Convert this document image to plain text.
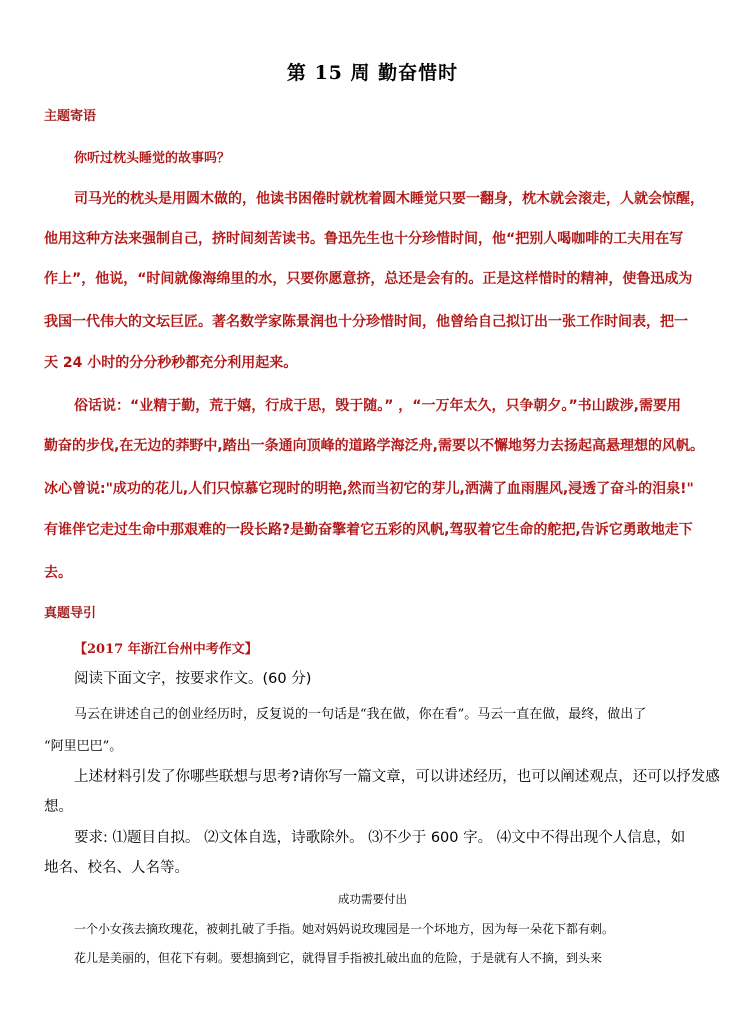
第 15 周 勤奋惜时
主题寄语
你听过枕头睡觉的故事吗？
司马光的枕头是用圆木做的，他读书困倦时就枕着圆木睡觉只要一翻身，枕木就会滚走，人就会惊醒，
他用这种方法来强制自己，挤时间刻苦读书。鲁迅先生也十分珍惜时间，他“把别人喝咖啡的工夫用在写
作上”，他说，“时间就像海绵里的水，只要你愿意挤，总还是会有的。正是这样惜时的精神，使鲁迅成为
我国一代伟大的文坛巨匠。著名数学家陈景润也十分珍惜时间，他曾给自己拟订出一张工作时间表，把一
天 24 小时的分分秒秒都充分利用起来。
俗话说：“业精于勤，荒于嬉，行成于思，毁于随。” ，“一万年太久，只争朝夕。”书山跋涉,需要用
勤奋的步伐,在无边的莽野中,踏出一条通向顶峰的道路学海泛舟,需要以不懈地努力去扬起高悬理想的风帆。
冰心曾说:"成功的花儿,人们只惊慕它现时的明艳,然而当初它的芽儿,洒满了血雨腥风,浸透了奋斗的泪泉!"
有谁伴它走过生命中那艰难的一段长路?是勤奋擎着它五彩的风帆,驾驭着它生命的舵把,告诉它勇敢地走下
去。
真题导引
【2017 年浙江台州中考作文】
阅读下面文字，按要求作文。(60 分)
马云在讲述自己的创业经历时，反复说的一句话是“我在做，你在看”。马云一直在做，最终，做出了
“阿里巴巴”。
上述材料引发了你哪些联想与思考?请你写一篇文章，可以讲述经历，也可以阐述观点，还可以抒发感
想。
要求: ⑴题目自拟。 ⑵文体自选，诗歌除外。 ⑶不少于 600 字。 ⑷文中不得出现个人信息，如
地名、校名、人名等。
成功需要付出
一个小女孩去摘玫瑰花，被刺扎破了手指。她对妈妈说玫瑰园是一个坏地方，因为每一朵花下都有刺。
花儿是美丽的，但花下有刺。要想摘到它，就得冒手指被扎破出血的危险，于是就有人不摘，到头来
